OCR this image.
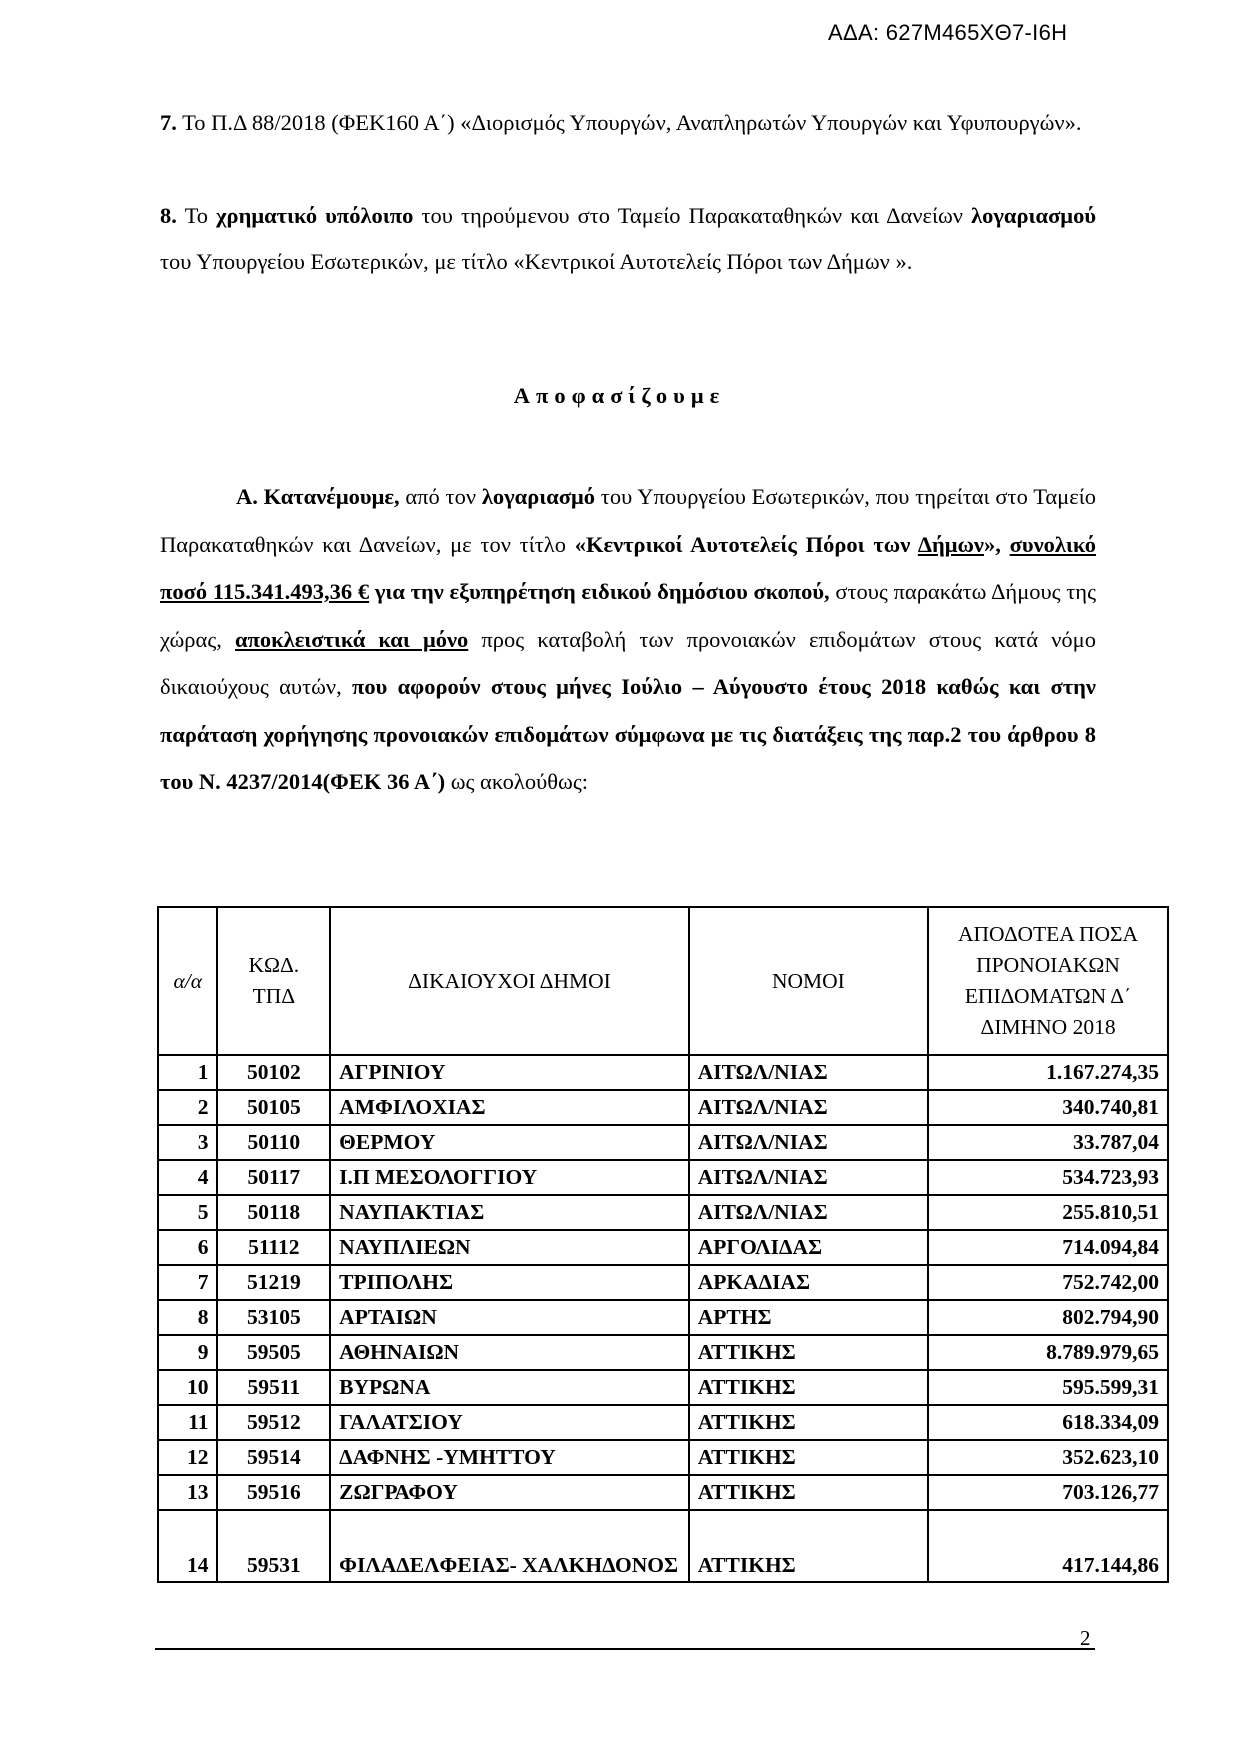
ΑΔΑ: 627Μ465ΧΘ7-Ι6Η
7. Το Π.Δ 88/2018 (ΦΕΚ160 Α΄) «Διορισμός Υπουργών, Αναπληρωτών Υπουργών και Υφυπουργών».
8. Το χρηματικό υπόλοιπο του τηρούμενου στο Ταμείο Παρακαταθηκών και Δανείων λογαριασμού του Υπουργείου Εσωτερικών, με τίτλο «Κεντρικοί Αυτοτελείς Πόροι των Δήμων ».
Αποφασίζουμε
Α. Κατανέμουμε, από τον λογαριασμό του Υπουργείου Εσωτερικών, που τηρείται στο Ταμείο Παρακαταθηκών και Δανείων, με τον τίτλο «Κεντρικοί Αυτοτελείς Πόροι των Δήμων», συνολικό ποσό 115.341.493,36 € για την εξυπηρέτηση ειδικού δημόσιου σκοπού, στους παρακάτω Δήμους της χώρας, αποκλειστικά και μόνο προς καταβολή των προνοιακών επιδομάτων στους κατά νόμο δικαιούχους αυτών, που αφορούν στους μήνες Ιούλιο – Αύγουστο έτους 2018 καθώς και στην παράταση χορήγησης προνοιακών επιδομάτων σύμφωνα με τις διατάξεις της παρ.2 του άρθρου 8 του Ν. 4237/2014(ΦΕΚ 36 Α΄) ως ακολούθως:
α/α	ΚΩΔ. ΤΠΔ	ΔΙΚΑΙΟΥΧΟΙ ΔΗΜΟΙ	ΝΟΜΟΙ	ΑΠΟΔΟΤΕΑ ΠΟΣΑ ΠΡΟΝΟΙΑΚΩΝ ΕΠΙΔΟΜΑΤΩΝ Δ΄ ΔΙΜΗΝΟ 2018
1	50102	ΑΓΡΙΝΙΟΥ	ΑΙΤΩΛ/ΝΙΑΣ	1.167.274,35
2	50105	ΑΜΦΙΛΟΧΙΑΣ	ΑΙΤΩΛ/ΝΙΑΣ	340.740,81
3	50110	ΘΕΡΜΟΥ	ΑΙΤΩΛ/ΝΙΑΣ	33.787,04
4	50117	Ι.Π ΜΕΣΟΛΟΓΓΙΟΥ	ΑΙΤΩΛ/ΝΙΑΣ	534.723,93
5	50118	ΝΑΥΠΑΚΤΙΑΣ	ΑΙΤΩΛ/ΝΙΑΣ	255.810,51
6	51112	ΝΑΥΠΛΙΕΩΝ	ΑΡΓΟΛΙΔΑΣ	714.094,84
7	51219	ΤΡΙΠΟΛΗΣ	ΑΡΚΑΔΙΑΣ	752.742,00
8	53105	ΑΡΤΑΙΩΝ	ΑΡΤΗΣ	802.794,90
9	59505	ΑΘΗΝΑΙΩΝ	ΑΤΤΙΚΗΣ	8.789.979,65
10	59511	ΒΥΡΩΝΑ	ΑΤΤΙΚΗΣ	595.599,31
11	59512	ΓΑΛΑΤΣΙΟΥ	ΑΤΤΙΚΗΣ	618.334,09
12	59514	ΔΑΦΝΗΣ -ΥΜΗΤΤΟΥ	ΑΤΤΙΚΗΣ	352.623,10
13	59516	ΖΩΓΡΑΦΟΥ	ΑΤΤΙΚΗΣ	703.126,77
14	59531	ΦΙΛΑΔΕΛΦΕΙΑΣ- ΧΑΛΚΗΔΟΝΟΣ	ΑΤΤΙΚΗΣ	417.144,86
2
